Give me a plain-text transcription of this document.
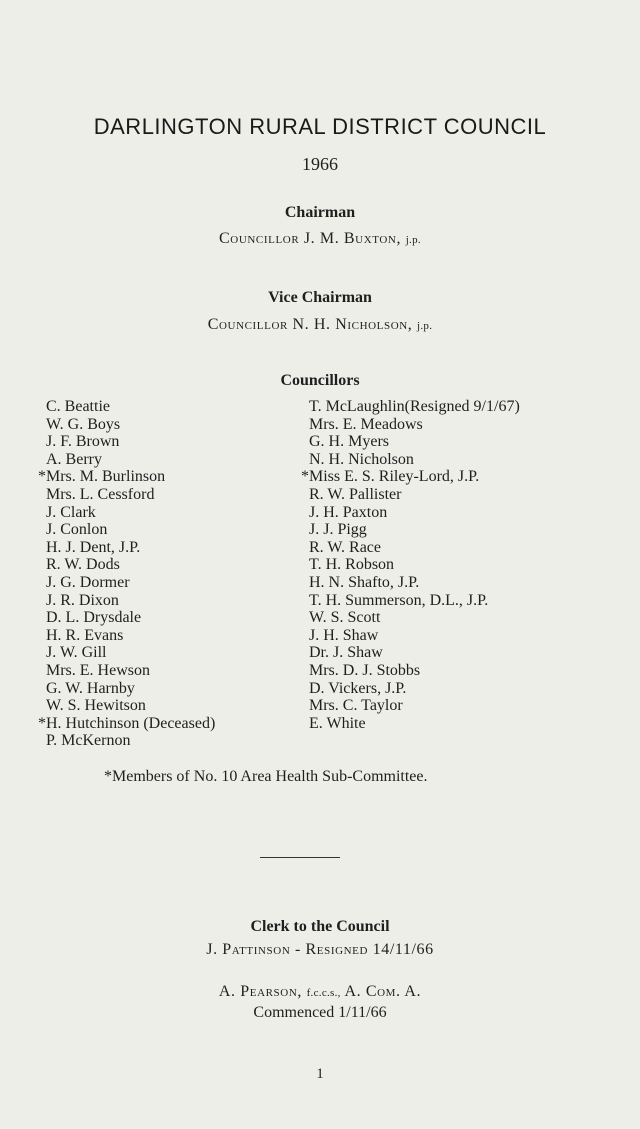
DARLINGTON RURAL DISTRICT COUNCIL
1966
Chairman
Councillor J. M. Buxton, j.p.
Vice Chairman
Councillor N. H. Nicholson, j.p.
Councillors
C. Beattie
W. G. Boys
J. F. Brown
A. Berry
*Mrs. M. Burlinson
Mrs. L. Cessford
J. Clark
J. Conlon
H. J. Dent, J.P.
R. W. Dods
J. G. Dormer
J. R. Dixon
D. L. Drysdale
H. R. Evans
J. W. Gill
Mrs. E. Hewson
G. W. Harnby
W. S. Hewitson
*H. Hutchinson (Deceased)
P. McKernon
T. McLaughlin(Resigned 9/1/67)
Mrs. E. Meadows
G. H. Myers
N. H. Nicholson
*Miss E. S. Riley-Lord, J.P.
R. W. Pallister
J. H. Paxton
J. J. Pigg
R. W. Race
T. H. Robson
H. N. Shafto, J.P.
T. H. Summerson, D.L., J.P.
W. S. Scott
J. H. Shaw
Dr. J. Shaw
Mrs. D. J. Stobbs
D. Vickers, J.P.
Mrs. C. Taylor
E. White
*Members of No. 10 Area Health Sub-Committee.
Clerk to the Council
J. Pattinson - Resigned 14/11/66
A. Pearson, f.c.c.s., A. Com. A.
Commenced 1/11/66
1
